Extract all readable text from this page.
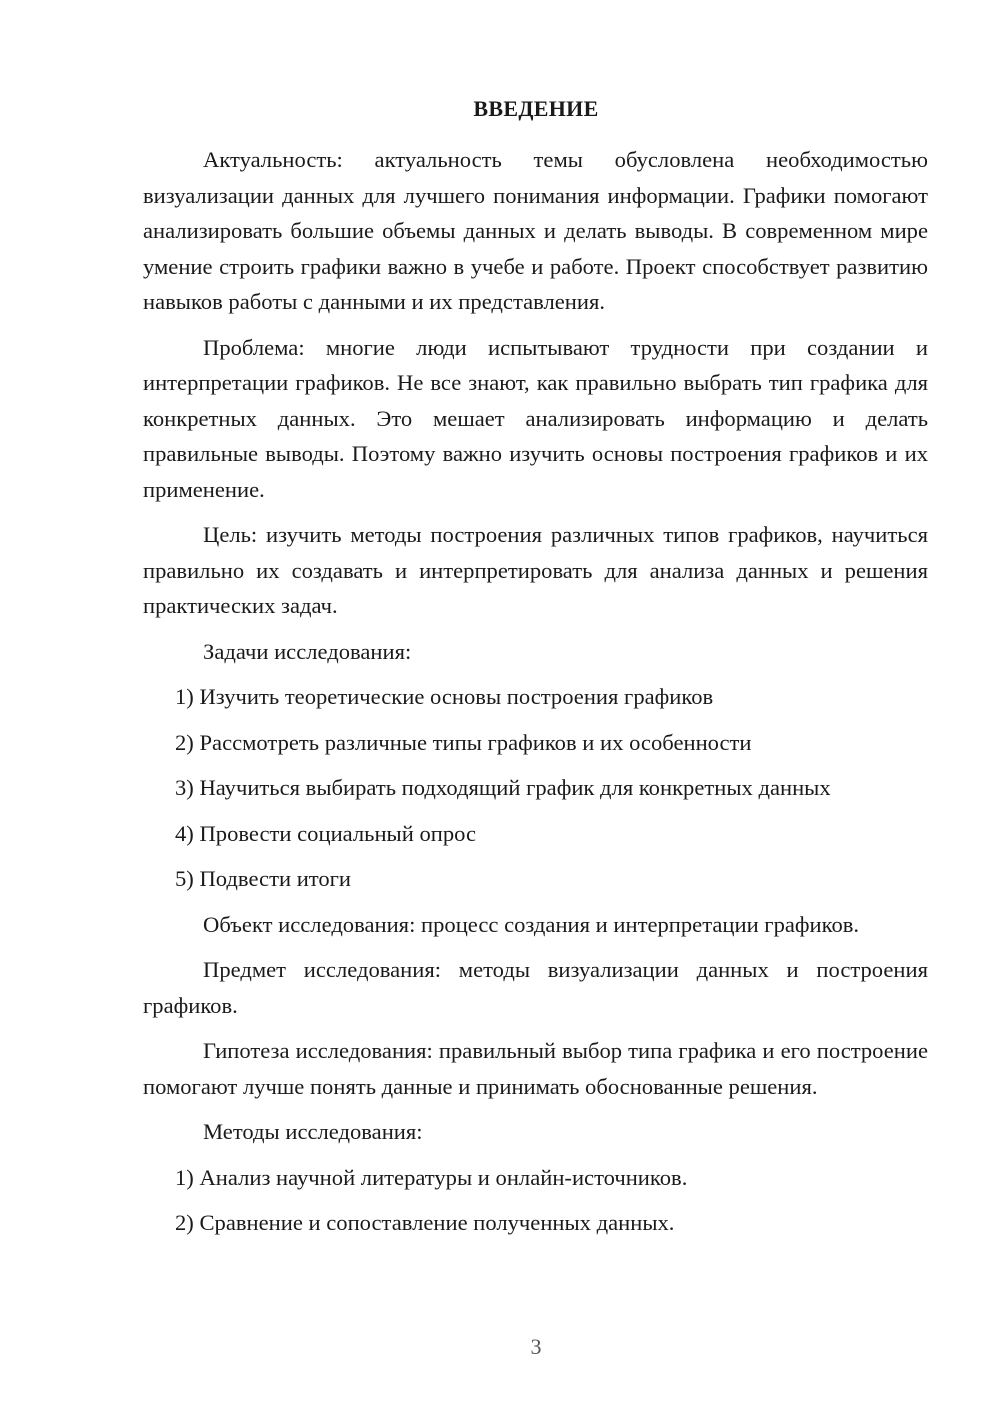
ВВЕДЕНИЕ

Актуальность: актуальность темы обусловлена необходимостью визуализации данных для лучшего понимания информации. Графики помогают анализировать большие объемы данных и делать выводы. В современном мире умение строить графики важно в учебе и работе. Проект способствует развитию навыков работы с данными и их представления.

Проблема: многие люди испытывают трудности при создании и интерпретации графиков. Не все знают, как правильно выбрать тип графика для конкретных данных. Это мешает анализировать информацию и делать правильные выводы. Поэтому важно изучить основы построения графиков и их применение.

Цель: изучить методы построения различных типов графиков, научиться правильно их создавать и интерпретировать для анализа данных и решения практических задач.

Задачи исследования:

1) Изучить теоретические основы построения графиков

2) Рассмотреть различные типы графиков и их особенности

3) Научиться выбирать подходящий график для конкретных данных

4) Провести социальный опрос

5) Подвести итоги

Объект исследования: процесс создания и интерпретации графиков.

Предмет исследования: методы визуализации данных и построения графиков.

Гипотеза исследования: правильный выбор типа графика и его построение помогают лучше понять данные и принимать обоснованные решения.

Методы исследования:

1) Анализ научной литературы и онлайн-источников.

2) Сравнение и сопоставление полученных данных.

3
